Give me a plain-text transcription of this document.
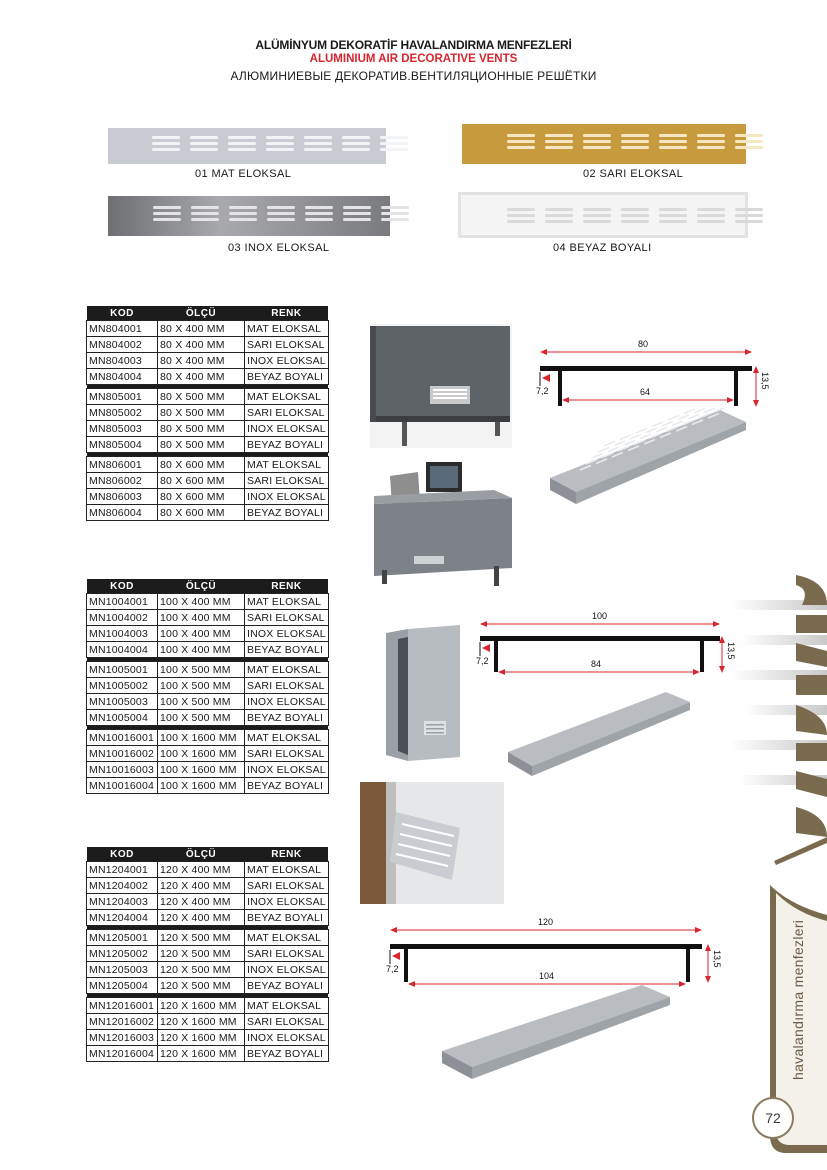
ALÜMİNYUM DEKORATİF HAVALANDIRMA MENFEZLERİ
ALUMINIUM AIR DECORATIVE VENTS
АЛЮМИНИЕВЫЕ ДЕКОРАТИВ.ВЕНТИЛЯЦИОННЫЕ РЕШЁТКИ
01 MAT ELOKSAL	02 SARI ELOKSAL
03 INOX ELOKSAL	04 BEYAZ BOYALI
KOD	ÖLÇÜ	RENK
MN804001	80 X 400 MM	MAT ELOKSAL
MN804002	80 X 400 MM	SARI ELOKSAL
MN804003	80 X 400 MM	INOX ELOKSAL
MN804004	80 X 400 MM	BEYAZ BOYALI

MN805001	80 X 500 MM	MAT ELOKSAL
MN805002	80 X 500 MM	SARI ELOKSAL
MN805003	80 X 500 MM	INOX ELOKSAL
MN805004	80 X 500 MM	BEYAZ BOYALI

MN806001	80 X 600 MM	MAT ELOKSAL
MN806002	80 X 600 MM	SARI ELOKSAL
MN806003	80 X 600 MM	INOX ELOKSAL
MN806004	80 X 600 MM	BEYAZ BOYALI
KOD	ÖLÇÜ	RENK
MN1004001	100 X 400 MM	MAT ELOKSAL
MN1004002	100 X 400 MM	SARI ELOKSAL
MN1004003	100 X 400 MM	INOX ELOKSAL
MN1004004	100 X 400 MM	BEYAZ BOYALI

MN1005001	100 X 500 MM	MAT ELOKSAL
MN1005002	100 X 500 MM	SARI ELOKSAL
MN1005003	100 X 500 MM	INOX ELOKSAL
MN1005004	100 X 500 MM	BEYAZ BOYALI

MN10016001	100 X 1600 MM	MAT ELOKSAL
MN10016002	100 X 1600 MM	SARI ELOKSAL
MN10016003	100 X 1600 MM	INOX ELOKSAL
MN10016004	100 X 1600 MM	BEYAZ BOYALI
KOD	ÖLÇÜ	RENK
MN1204001	120 X 400 MM	MAT ELOKSAL
MN1204002	120 X 400 MM	SARI ELOKSAL
MN1204003	120 X 400 MM	INOX ELOKSAL
MN1204004	120 X 400 MM	BEYAZ BOYALI

MN1205001	120 X 500 MM	MAT ELOKSAL
MN1205002	120 X 500 MM	SARI ELOKSAL
MN1205003	120 X 500 MM	INOX ELOKSAL
MN1205004	120 X 500 MM	BEYAZ BOYALI

MN12016001	120 X 1600 MM	MAT ELOKSAL
MN12016002	120 X 1600 MM	SARI ELOKSAL
MN12016003	120 X 1600 MM	INOX ELOKSAL
MN12016004	120 X 1600 MM	BEYAZ BOYALI
80
64
7,2
13,5
100
84
7,2
13,5
120
104
7,2
13,5	havalandırma menfezleri
72
